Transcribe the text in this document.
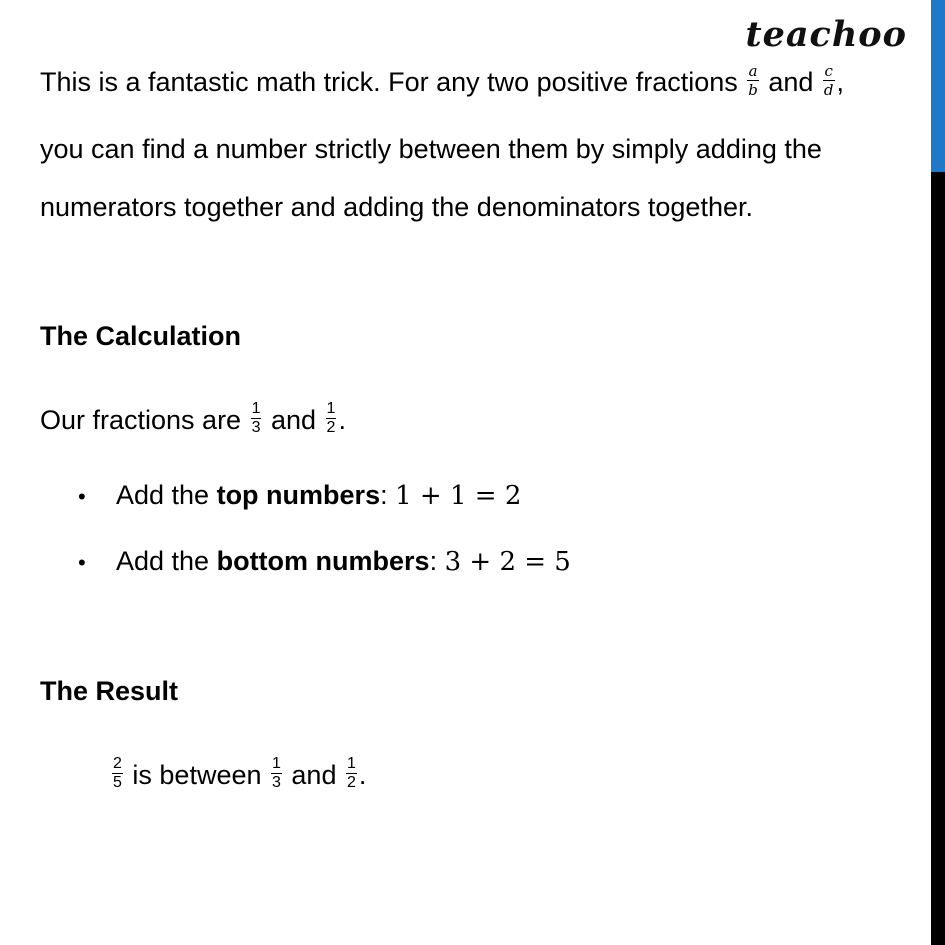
teachoo
This is a fantastic math trick. For any two positive fractions $\frac{a}{b}$ and $\frac{c}{d}$ ,
you can find a number strictly between them by simply adding the
numerators together and adding the denominators together.
The Calculation
Our fractions are $\frac{1}{3}$ and $\frac{1}{2}$ .
• Add the top numbers: 1 + 1 = 2
• Add the bottom numbers: 3 + 2 = 5
The Result
$\frac{2}{5}$ is between $\frac{1}{3}$ and $\frac{1}{2}$ .
